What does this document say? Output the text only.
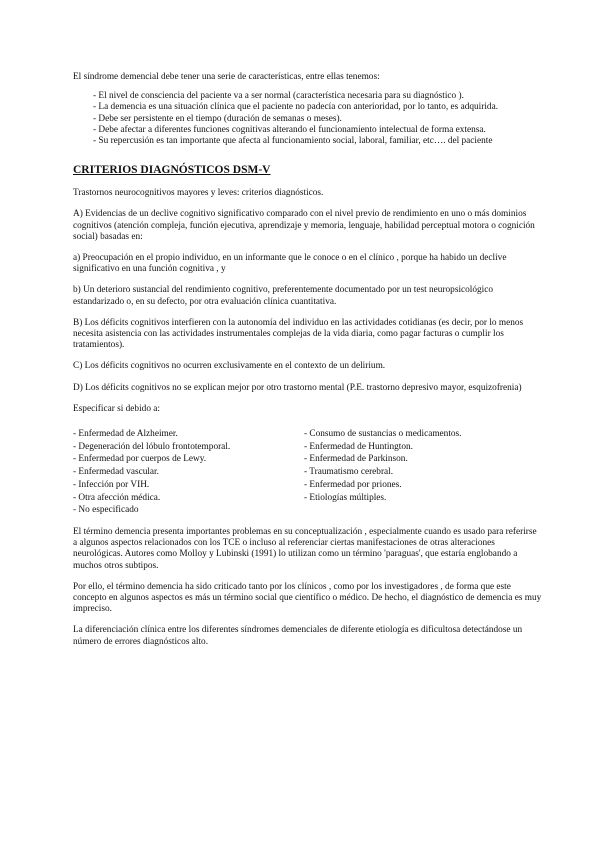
El síndrome demencial debe tener una serie de características, entre ellas tenemos:

- El nivel de consciencia del paciente va a ser normal (característica necesaria para su diagnóstico ).
- La demencia es una situación clínica que el paciente no padecía con anterioridad, por lo tanto, es adquirida.
- Debe ser persistente en el tiempo (duración de semanas o meses).
- Debe afectar a diferentes funciones cognitivas alterando el funcionamiento intelectual de forma extensa.
- Su repercusión es tan importante que afecta al funcionamiento social, laboral, familiar, etc…. del paciente
CRITERIOS DIAGNÓSTICOS DSM-V

Trastornos neurocognitivos mayores y leves: criterios diagnósticos.

A) Evidencias de un declive cognitivo significativo comparado con el nivel previo de rendimiento en uno o más dominios cognitivos (atención compleja, función ejecutiva, aprendizaje y memoria, lenguaje, habilidad perceptual motora o cognición social) basadas en:

a) Preocupación en el propio individuo, en un informante que le conoce o en el clínico , porque ha habido un declive significativo en una función cognitiva , y

b) Un deterioro sustancial del rendimiento cognitivo, preferentemente documentado por un test neuropsicológico estandarizado o, en su defecto, por otra evaluación clínica cuantitativa.

B) Los déficits cognitivos interfieren con la autonomía del individuo en las actividades cotidianas (es decir, por lo menos necesita asistencia con las actividades instrumentales complejas de la vida diaria, como pagar facturas o cumplir los tratamientos).

C) Los déficits cognitivos no ocurren exclusivamente en el contexto de un delirium.

D) Los déficits cognitivos no se explican mejor por otro trastorno mental (P.E. trastorno depresivo mayor, esquizofrenia)

Especificar si debido a:

- Enfermedad de Alzheimer.	- Consumo de sustancias o medicamentos.
- Degeneración del lóbulo frontotemporal.	- Enfermedad de Huntington.
- Enfermedad por cuerpos de Lewy.	- Enfermedad de Parkinson.
- Enfermedad vascular.	- Traumatismo cerebral.
- Infección por VIH.	- Enfermedad por priones.
- Otra afección médica.	- Etiologías múltiples.
- No especificado

El término demencia presenta importantes problemas en su conceptualización , especialmente cuando es usado para referirse a algunos aspectos relacionados con los TCE o incluso al referenciar ciertas manifestaciones de otras alteraciones neurológicas. Autores como Molloy y Lubinski (1991) lo utilizan como un término 'paraguas', que estaría englobando a muchos otros subtipos.

Por ello, el término demencia ha sido criticado tanto por los clínicos , como por los investigadores , de forma que este concepto en algunos aspectos es más un término social que científico o médico. De hecho, el diagnóstico de demencia es muy impreciso.

La diferenciación clínica entre los diferentes síndromes demenciales de diferente etiología es dificultosa detectándose un número de errores diagnósticos alto.
